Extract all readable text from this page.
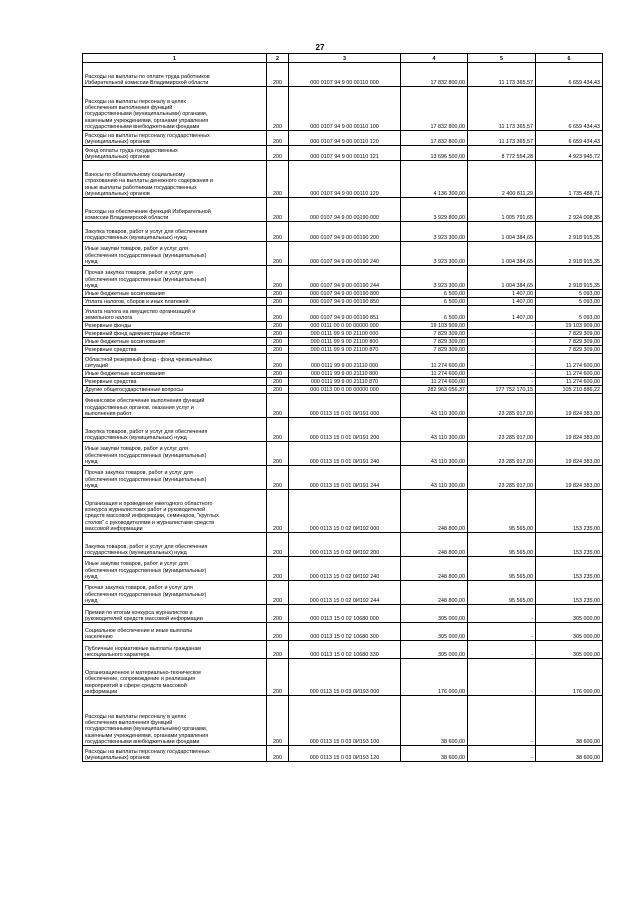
27
1	2	3	4	5	6

Расходы на выплаты по оплате труда работников
Избирательной комиссии Владимирской области	200	000 0107 94 9 00 00110 000	17 832 800,00	11 173 365,57	6 659 434,43

Расходы на выплаты персоналу в целях
обеспечения выполнения функций
государственными (муниципальными) органами,
казенными учреждениями, органами управления
государственными внебюджетными фондами	200	000 0107 94 9 00 00110 100	17 832 800,00	11 173 365,57	6 659 434,43

Расходы на выплаты персоналу государственных
(муниципальных) органов	200	000 0107 94 9 00 00110 120	17 832 800,00	11 173 365,57	6 659 434,43

Фонд оплаты труда государственных
(муниципальных) органов	200	000 0107 94 9 00 00110 121	13 696 500,00	8 772 554,28	4 923 945,72

Взносы по обязательному социальному
страхованию на выплаты денежного содержания и
иные выплаты работникам государственных
(муниципальных) органов	200	000 0107 94 9 00 00110 129	4 136 300,00	2 400 811,29	1 735 488,71

Расходы на обеспечение функций Избирательной
комиссии Владимирской области	200	000 0107 94 9 00 00190 000	3 929 800,00	1 005 791,65	2 924 008,35

Закупка товаров, работ и услуг для обеспечения
государственных (муниципальных) нужд	200	000 0107 94 9 00 00190 200	3 923 300,00	1 004 384,65	2 918 915,35

Иные закупки товаров, работ и услуг для
обеспечения государственных (муниципальных)
нужд	200	000 0107 94 9 00 00190 240	3 923 300,00	1 004 384,65	2 918 915,35

Прочая закупка товаров, работ и услуг для
обеспечения государственных (муниципальных)
нужд	200	000 0107 94 9 00 00190 244	3 923 300,00	1 004 384,65	2 918 915,35

Иные бюджетные ассигнования	200	000 0107 94 9 00 00190 800	6 500,00	1 407,00	5 093,00

Уплата налогов, сборов и иных платежей	200	000 0107 94 9 00 00190 850	6 500,00	1 407,00	5 093,00

Уплата налога на имущество организаций и
земельного налога	200	000 0107 94 9 00 00190 851	6 500,00	1 407,00	5 093,00

Резервные фонды	200	000 0111 00 0 00 00000 000	19 103 909,00	-	19 103 909,00

Резервный фонд администрации области	200	000 0111 99 9 00 21100 000	7 829 309,00	-	7 829 309,00

Иные бюджетные ассигнования	200	000 0111 99 9 00 21100 800	7 829 309,00	-	7 829 309,00

Резервные средства	200	000 0111 99 9 00 21100 870	7 829 309,00	-	7 829 309,00

Областной резервный фонд - фонд чрезвычайных
ситуаций	200	000 0111 99 9 00 21110 000	11 274 600,00	-	11 274 600,00

Иные бюджетные ассигнования	200	000 0111 99 9 00 21110 800	11 274 600,00	-	11 274 600,00

Резервные средства	200	000 0111 99 9 00 21110 870	11 274 600,00	-	11 274 600,00

Другие общегосударственные вопросы	200	000 0113 00 0 00 00000 000	282 963 056,37	177 752 170,15	105 210 886,22

Финансовое обеспечение выполнения функций
государственных органов, оказания услуг и
выполнения работ	200	000 0113 15 0 01 0И191 000	43 110 300,00	23 285 917,00	19 824 383,00

Закупка товаров, работ и услуг для обеспечения
государственных (муниципальных) нужд	200	000 0113 15 0 01 0И191 200	43 110 300,00	23 285 917,00	19 824 383,00

Иные закупки товаров, работ и услуг для
обеспечения государственных (муниципальных)
нужд	200	000 0113 15 0 01 0И191 240	43 110 300,00	23 285 917,00	19 824 383,00

Прочая закупка товаров, работ и услуг для
обеспечения государственных (муниципальных)
нужд	200	000 0113 15 0 01 0И191 244	43 110 300,00	23 285 917,00	19 824 383,00

Организация и проведение ежегодного областного
конкурса журналистских работ и руководителей
средств массовой информации, семинаров, "круглых
столов" с руководителями и журналистами средств
массовой информации	200	000 0113 15 0 02 0И192 000	248 800,00	95 565,00	153 235,00

Закупка товаров, работ и услуг для обеспечения
государственных (муниципальных) нужд	200	000 0113 15 0 02 0И192 200	248 800,00	95 565,00	153 235,00

Иные закупки товаров, работ и услуг для
обеспечения государственных (муниципальных)
нужд	200	000 0113 15 0 02 0И192 240	248 800,00	95 565,00	153 235,00

Прочая закупка товаров, работ и услуг для
обеспечения государственных (муниципальных)
нужд	200	000 0113 15 0 02 0И192 244	248 800,00	95 565,00	153 235,00

Премии по итогам конкурса журналистов и
руководителей средств массовой информации	200	000 0113 15 0 02 10680 000	305 000,00	-	305 000,00

Социальное обеспечение и иные выплаты
населению	200	000 0113 15 0 02 10680 300	305 000,00	-	305 000,00

Публичные нормативные выплаты гражданам
несоциального характера	200	000 0113 15 0 02 10680 330	305 000,00	-	305 000,00

Организационное и материально-техническое
обеспечение, сопровождение и реализация
мероприятий в сфере средств массовой
информации	200	000 0113 15 0 03 0И193 000	176 000,00	-	176 000,00

Расходы на выплаты персоналу в целях
обеспечения выполнения функций
государственными (муниципальными) органами,
казенными учреждениями, органами управления
государственными внебюджетными фондами	200	000 0113 15 0 03 0И193 100	38 600,00	-	38 600,00

Расходы на выплаты персоналу государственных
(муниципальных) органов	200	000 0113 15 0 03 0И193 120	38 600,00	-	38 600,00
